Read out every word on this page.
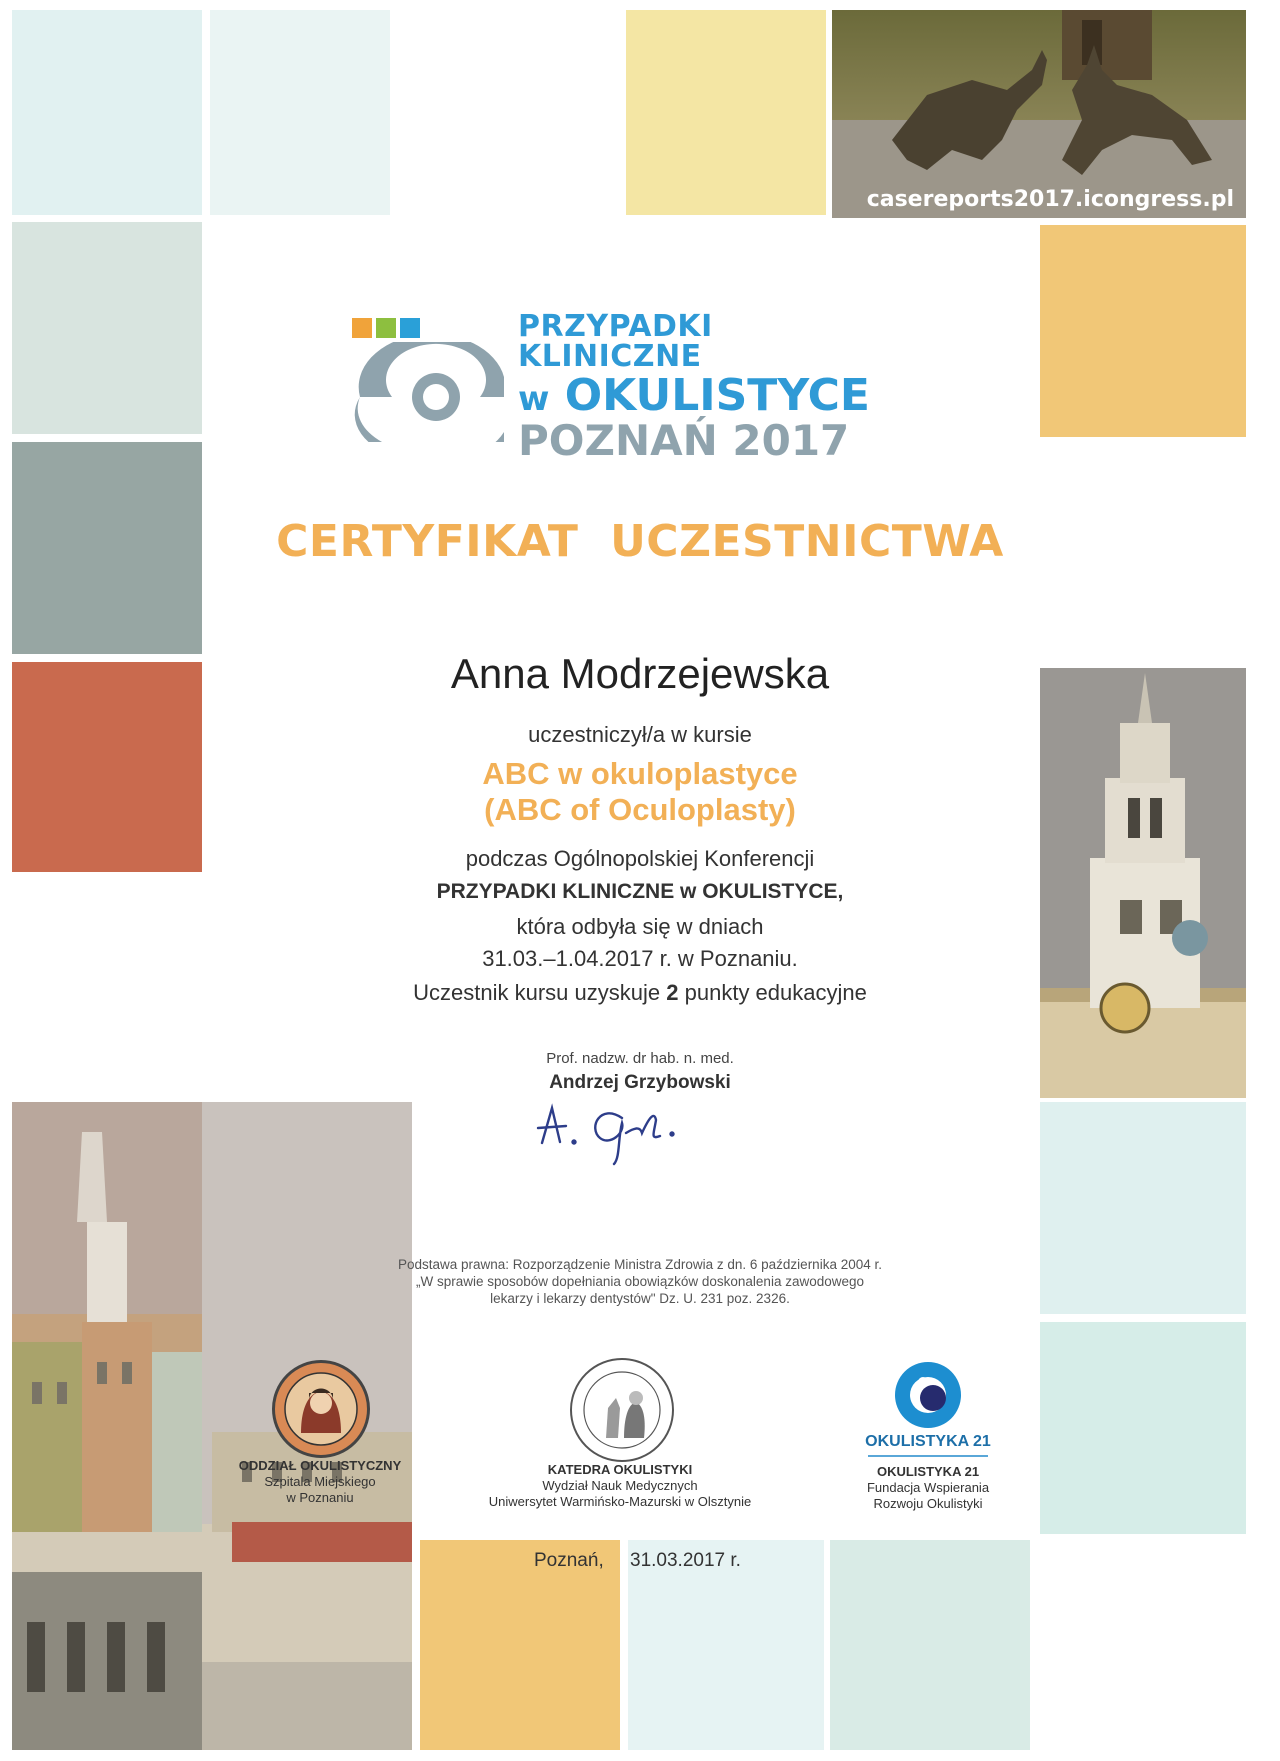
casereports2017.icongress.pl
PRZYPADKI KLINICZNE
w OKULISTYCE
POZNAŃ 2017
CERTYFIKAT  UCZESTNICTWA
Anna Modrzejewska
uczestniczył/a w kursie
ABC w okuloplastyce
(ABC of Oculoplasty)
podczas Ogólnopolskiej Konferencji
PRZYPADKI KLINICZNE w OKULISTYCE,
która odbyła się w dniach
31.03.–1.04.2017 r. w Poznaniu.
Uczestnik kursu uzyskuje 2 punkty edukacyjne
Prof. nadzw. dr hab. n. med.
Andrzej Grzybowski
Podstawa prawna: Rozporządzenie Ministra Zdrowia z dn. 6 października 2004 r.
„W sprawie sposobów dopełniania obowiązków doskonalenia zawodowego
lekarzy i lekarzy dentystów" Dz. U. 231 poz. 2326.
ODDZIAŁ OKULISTYCZNY
Szpitala Miejskiego
w Poznaniu
KATEDRA OKULISTYKI
Wydział Nauk Medycznych
Uniwersytet Warmińsko-Mazurski w Olsztynie
OKULISTYKA 21
OKULISTYKA 21
Fundacja Wspierania
Rozwoju Okulistyki
Poznań, 31.03.2017 r.
